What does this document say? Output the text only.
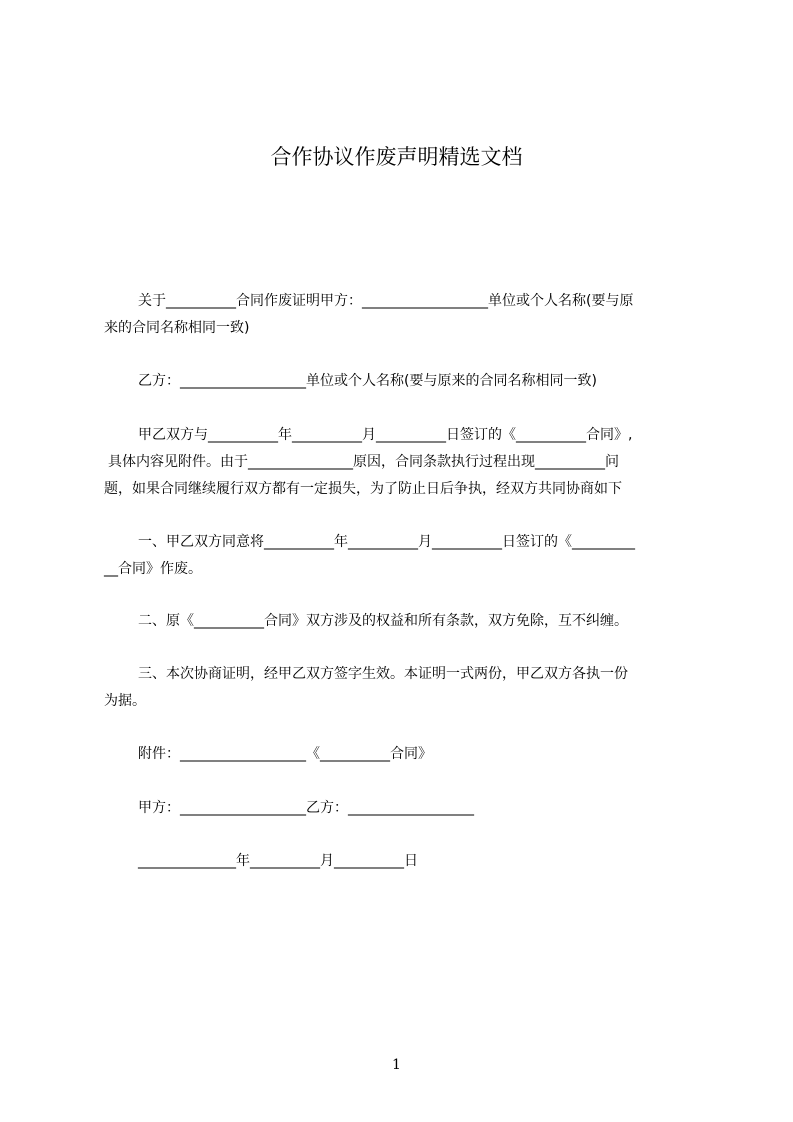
合作协议作废声明精选文档
关于__________合同作废证明甲方：__________________单位或个人名称(要与原
来的合同名称相同一致)
乙方：__________________单位或个人名称(要与原来的合同名称相同一致)
甲乙双方与__________年__________月__________日签订的《__________合同》,
具体内容见附件。由于_______________原因，合同条款执行过程出现__________问
题，如果合同继续履行双方都有一定损失，为了防止日后争执，经双方共同协商如下
一、甲乙双方同意将__________年__________月__________日签订的《_________
__合同》作废。
二、原《__________合同》双方涉及的权益和所有条款，双方免除，互不纠缠。
三、本次协商证明，经甲乙双方签字生效。本证明一式两份，甲乙双方各执一份
为据。
附件：__________________《__________合同》
甲方：__________________乙方：__________________
______________年__________月__________日
1
